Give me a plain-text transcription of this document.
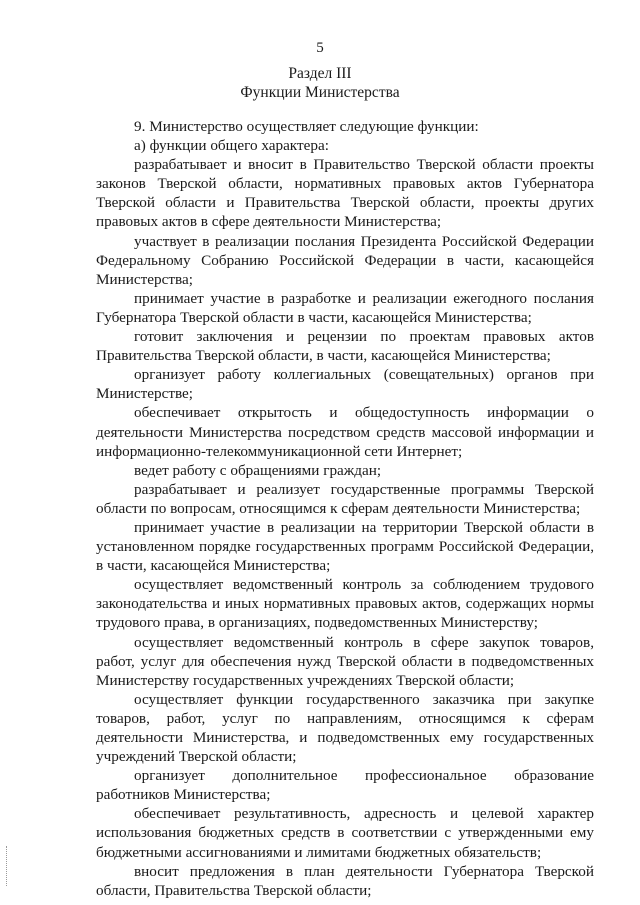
5
Раздел III
Функции Министерства

9. Министерство осуществляет следующие функции:

а) функции общего характера:

разрабатывает и вносит в Правительство Тверской области проекты законов Тверской области, нормативных правовых актов Губернатора Тверской области и Правительства Тверской области, проекты других правовых актов в сфере деятельности Министерства;

участвует в реализации послания Президента Российской Федерации Федеральному Собранию Российской Федерации в части, касающейся Министерства;

принимает участие в разработке и реализации ежегодного послания Губернатора Тверской области в части, касающейся Министерства;

готовит заключения и рецензии по проектам правовых актов Правительства Тверской области, в части, касающейся Министерства;

организует работу коллегиальных (совещательных) органов при Министерстве;

обеспечивает открытость и общедоступность информации о деятельности Министерства посредством средств массовой информации и информационно-телекоммуникационной сети Интернет;

ведет работу с обращениями граждан;

разрабатывает и реализует государственные программы Тверской области по вопросам, относящимся к сферам деятельности Министерства;

принимает участие в реализации на территории Тверской области в установленном порядке государственных программ Российской Федерации, в части, касающейся Министерства;

осуществляет ведомственный контроль за соблюдением трудового законодательства и иных нормативных правовых актов, содержащих нормы трудового права, в организациях, подведомственных Министерству;

осуществляет ведомственный контроль в сфере закупок товаров, работ, услуг для обеспечения нужд Тверской области в подведомственных Министерству государственных учреждениях Тверской области;

осуществляет функции государственного заказчика при закупке товаров, работ, услуг по направлениям, относящимся к сферам деятельности Министерства, и подведомственных ему государственных учреждений Тверской области;

организует дополнительное профессиональное образование работников Министерства;

обеспечивает результативность, адресность и целевой характер использования бюджетных средств в соответствии с утвержденными ему бюджетными ассигнованиями и лимитами бюджетных обязательств;

вносит предложения в план деятельности Губернатора Тверской области, Правительства Тверской области;
